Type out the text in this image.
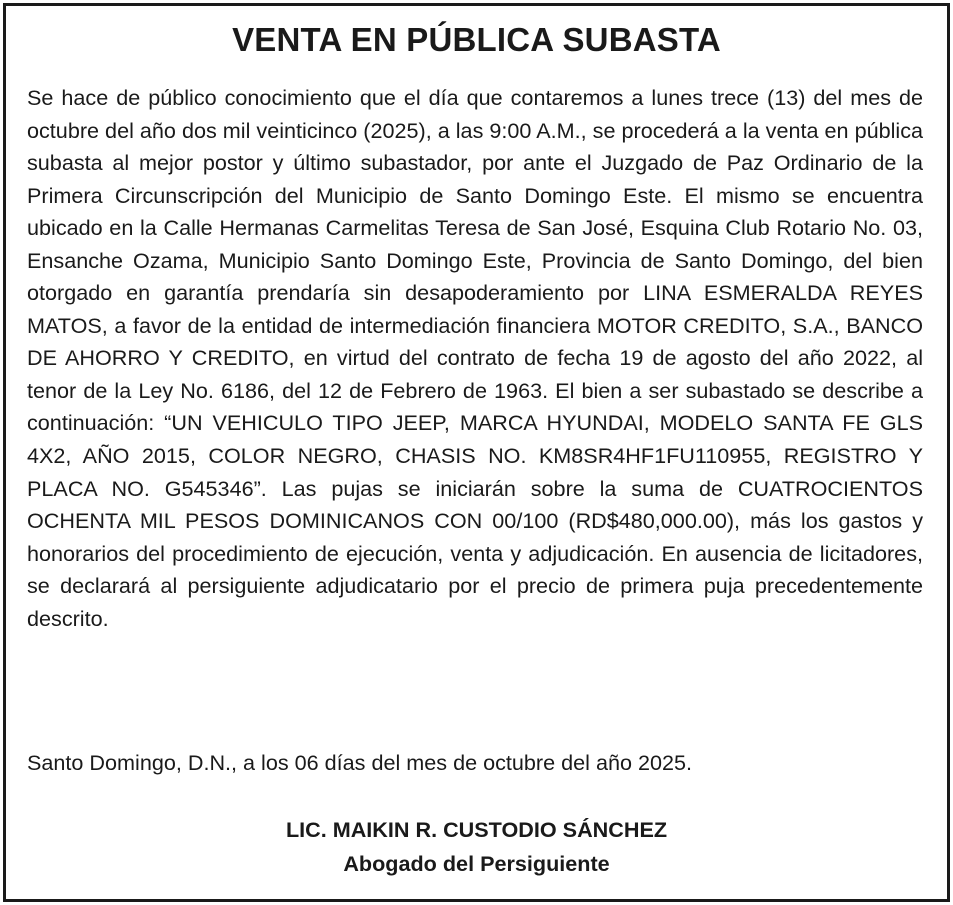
VENTA EN PÚBLICA SUBASTA

Se hace de público conocimiento que el día que contaremos a lunes trece (13) del mes de octubre del año dos mil veinticinco (2025), a las 9:00 A.M., se procederá a la venta en pública subasta al mejor postor y último subastador, por ante el Juzgado de Paz Ordinario de la Primera Circunscripción del Municipio de Santo Domingo Este. El mismo se encuentra ubicado en la Calle Hermanas Carmelitas Teresa de San José, Esquina Club Rotario No. 03, Ensanche Ozama, Municipio Santo Domingo Este, Provincia de Santo Domingo, del bien otorgado en garantía prendaría sin desapoderamiento por LINA ESMERALDA REYES MATOS, a favor de la entidad de intermediación financiera MOTOR CREDITO, S.A., BANCO DE AHORRO Y CREDITO, en virtud del contrato de fecha 19 de agosto del año 2022, al tenor de la Ley No. 6186, del 12 de Febrero de 1963. El bien a ser subastado se describe a continuación: “UN VEHICULO TIPO JEEP, MARCA HYUNDAI, MODELO SANTA FE GLS 4X2, AÑO 2015, COLOR NEGRO, CHASIS NO. KM8SR4HF1FU110955, REGISTRO Y PLACA NO. G545346”. Las pujas se iniciarán sobre la suma de CUATROCIENTOS OCHENTA MIL PESOS DOMINICANOS CON 00/100 (RD$480,000.00), más los gastos y honorarios del procedimiento de ejecución, venta y adjudicación. En ausencia de licitadores, se declarará al persiguiente adjudicatario por el precio de primera puja precedentemente descrito.

Santo Domingo, D.N., a los 06 días del mes de octubre del año 2025.

LIC. MAIKIN R. CUSTODIO SÁNCHEZ

Abogado del Persiguiente
